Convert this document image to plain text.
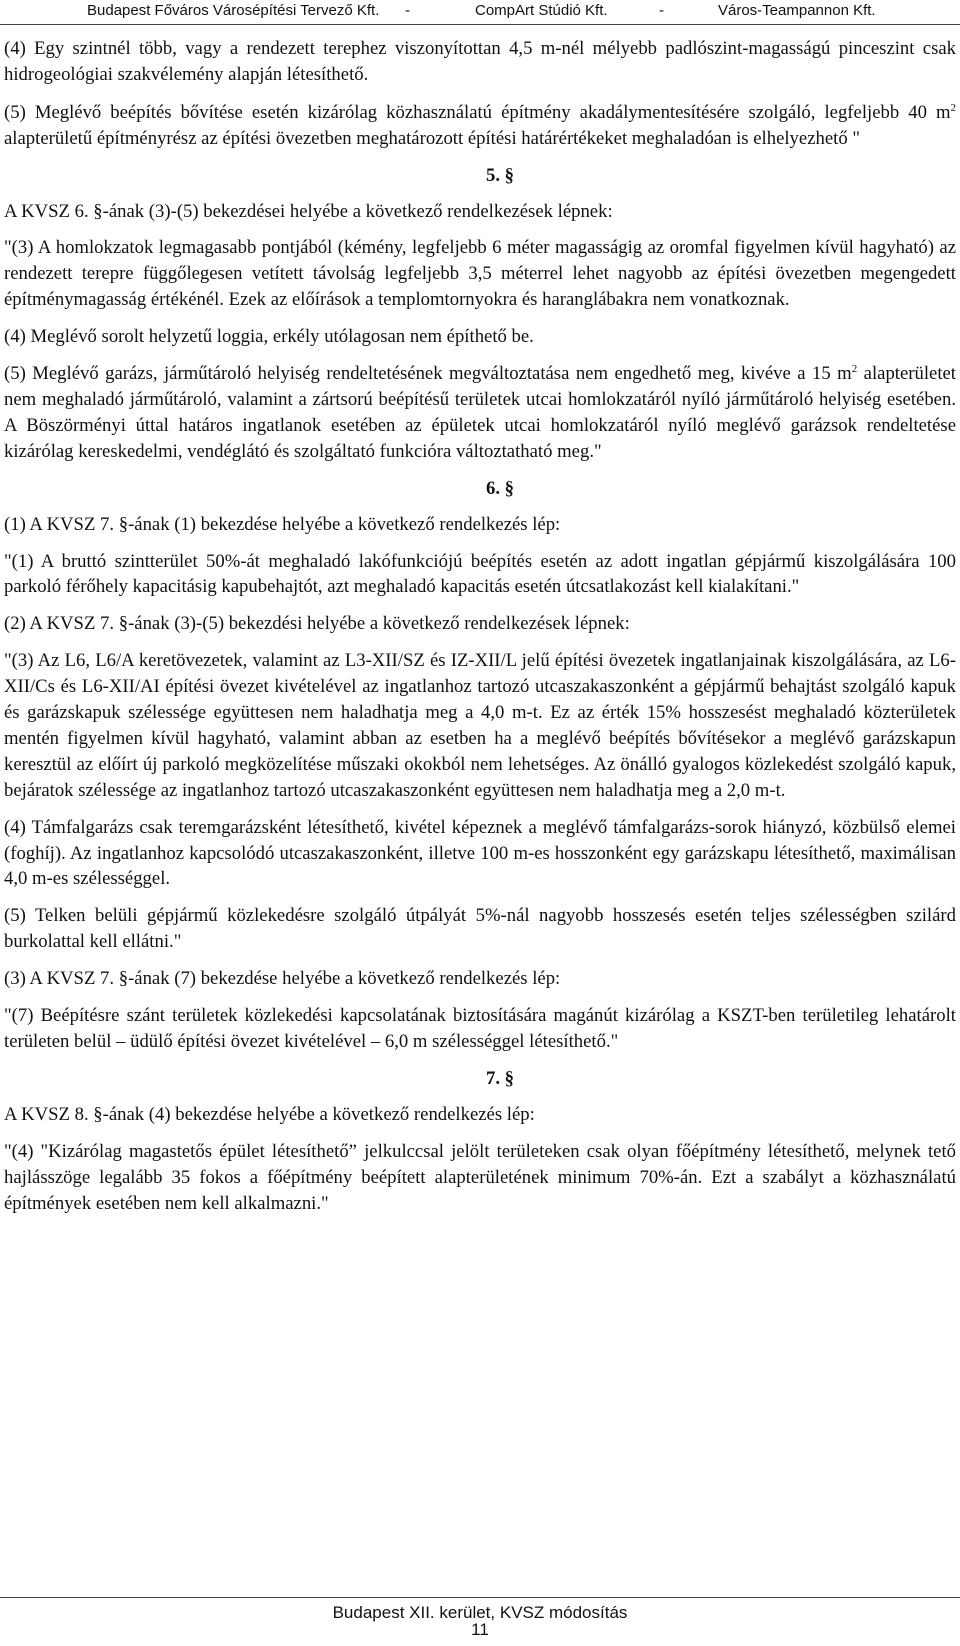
Budapest Főváros Városépítési Tervező Kft. -	CompArt Stúdió Kft.	-	Város-Teampannon Kft.

(4) Egy szintnél több, vagy a rendezett terephez viszonyítottan 4,5 m-nél mélyebb padlószint-magasságú pinceszint csak hidrogeológiai szakvélemény alapján létesíthető.

(5) Meglévő beépítés bővítése esetén kizárólag közhasználatú építmény akadálymentesítésére szolgáló, legfeljebb 40 $m^2$ alapterületű építményrész az építési övezetben meghatározott építési határértékeket meghaladóan is elhelyezhető "

5. §

A KVSZ 6. §-ának (3)-(5) bekezdései helyébe a következő rendelkezések lépnek:

"(3) A homlokzatok legmagasabb pontjából (kémény, legfeljebb 6 méter magasságig az oromfal figyelmen kívül hagyható) az rendezett terepre függőlegesen vetített távolság legfeljebb 3,5 méterrel lehet nagyobb az építési övezetben megengedett építménymagasság értékénél. Ezek az előírások a templomtornyokra és haranglábakra nem vonatkoznak.

(4) Meglévő sorolt helyzetű loggia, erkély utólagosan nem építhető be.

(5) Meglévő garázs, járműtároló helyiség rendeltetésének megváltoztatása nem engedhető meg, kivéve a 15 $m^2$ alapterületet nem meghaladó járműtároló, valamint a zártsorú beépítésű területek utcai homlokzatáról nyíló járműtároló helyiség esetében. A Böszörményi úttal határos ingatlanok esetében az épületek utcai homlokzatáról nyíló meglévő garázsok rendeltetése kizárólag kereskedelmi, vendéglátó és szolgáltató funkcióra változtatható meg."

6. §

(1) A KVSZ 7. §-ának (1) bekezdése helyébe a következő rendelkezés lép:

"(1) A bruttó szintterület 50%-át meghaladó lakófunkciójú beépítés esetén az adott ingatlan gépjármű kiszolgálására 100 parkoló férőhely kapacitásig kapubehajtót, azt meghaladó kapacitás esetén útcsatlakozást kell kialakítani."

(2) A KVSZ 7. §-ának (3)-(5) bekezdési helyébe a következő rendelkezések lépnek:

"(3) Az L6, L6/A keretövezetek, valamint az L3-XII/SZ és IZ-XII/L jelű építési övezetek ingatlanjainak kiszolgálására, az L6-XII/Cs és L6-XII/AI építési övezet kivételével az ingatlanhoz tartozó utcaszakaszonként a gépjármű behajtást szolgáló kapuk és garázskapuk szélessége együttesen nem haladhatja meg a 4,0 m-t. Ez az érték 15% hosszesést meghaladó közterületek mentén figyelmen kívül hagyható, valamint abban az esetben ha a meglévő beépítés bővítésekor a meglévő garázskapun keresztül az előírt új parkoló megközelítése műszaki okokból nem lehetséges. Az önálló gyalogos közlekedést szolgáló kapuk, bejáratok szélessége az ingatlanhoz tartozó utcaszakaszonként együttesen nem haladhatja meg a 2,0 m-t.

(4) Támfalgarázs csak teremgarázsként létesíthető, kivétel képeznek a meglévő támfalgarázs-sorok hiányzó, közbülső elemei (foghíj). Az ingatlanhoz kapcsolódó utcaszakaszonként, illetve 100 m-es hosszonként egy garázskapu létesíthető, maximálisan 4,0 m-es szélességgel.

(5) Telken belüli gépjármű közlekedésre szolgáló útpályát 5%-nál nagyobb hosszesés esetén teljes szélességben szilárd burkolattal kell ellátni."

(3) A KVSZ 7. §-ának (7) bekezdése helyébe a következő rendelkezés lép:

"(7) Beépítésre szánt területek közlekedési kapcsolatának biztosítására magánút kizárólag a KSZT-ben területileg lehatárolt területen belül – üdülő építési övezet kivételével – 6,0 m szélességgel létesíthető."

7. §

A KVSZ 8. §-ának (4) bekezdése helyébe a következő rendelkezés lép:

"(4) "Kizárólag magastetős épület létesíthető” jelkulccsal jelölt területeken csak olyan főépítmény létesíthető, melynek tető hajlásszöge legalább 35 fokos a főépítmény beépített alapterületének minimum 70%-án. Ezt a szabályt a közhasználatú építmények esetében nem kell alkalmazni."

Budapest XII. kerület, KVSZ módosítás
11
